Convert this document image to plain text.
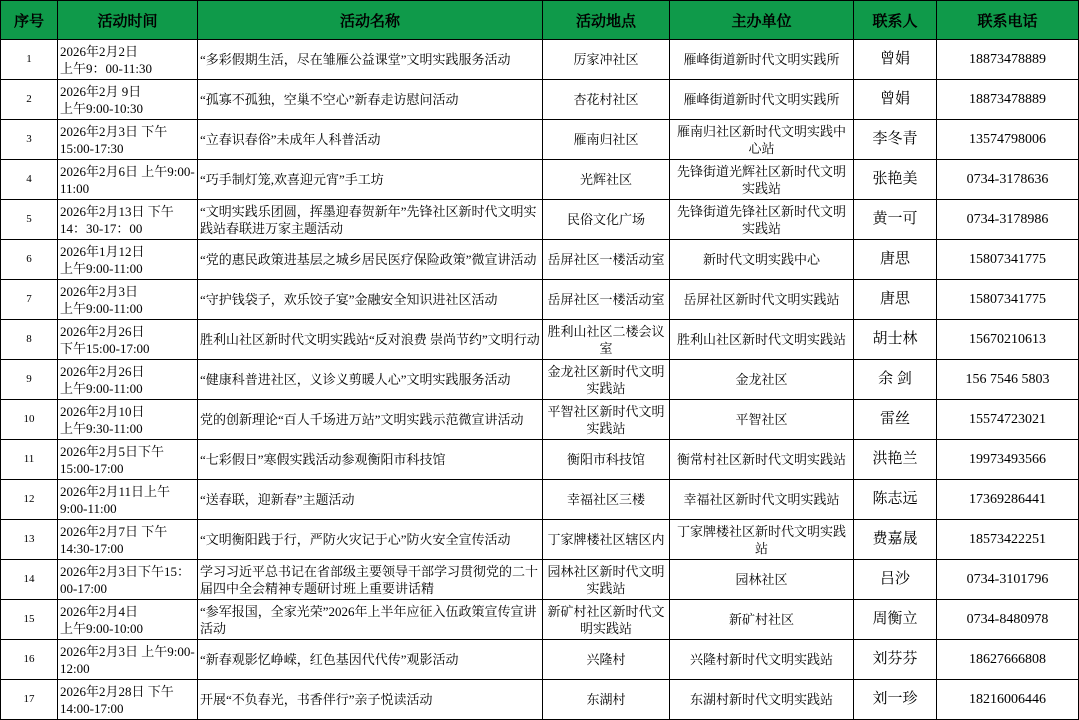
序号	活动时间	活动名称	活动地点	主办单位	联系人	联系电话
1	2026年2月2日
上午9：00-11:30	“多彩假期生活，尽在雏雁公益课堂”文明实践服务活动	厉家冲社区	雁峰街道新时代文明实践所	曾娟	18873478889
2	2026年2月 9日
上午9:00-10:30	“孤寡不孤独，空巢不空心”新春走访慰问活动	杏花村社区	雁峰街道新时代文明实践所	曾娟	18873478889
3	2026年2月3日 下午15:00-17:30	“立春识春俗”未成年人科普活动	雁南归社区	雁南归社区新时代文明实践中心站	李冬青	13574798006
4	2026年2月6日 上午9:00-11:00	“巧手制灯笼,欢喜迎元宵”手工坊	光辉社区	先锋街道光辉社区新时代文明实践站	张艳美	0734-3178636
5	2026年2月13日 下午14：30-17：00	“文明实践乐团圆，挥墨迎春贺新年”先锋社区新时代文明实践站春联进万家主题活动	民俗文化广场	先锋街道先锋社区新时代文明实践站	黄一可	0734-3178986
6	2026年1月12日
上午9:00-11:00	“党的惠民政策进基层之城乡居民医疗保险政策”微宣讲活动	岳屏社区一楼活动室	新时代文明实践中心	唐思	15807341775
7	2026年2月3日
上午9:00-11:00	“守护钱袋子，欢乐饺子宴”金融安全知识进社区活动	岳屏社区一楼活动室	岳屏社区新时代文明实践站	唐思	15807341775
8	2026年2月26日
下午15:00-17:00	胜利山社区新时代文明实践站“反对浪费 崇尚节约”文明行动	胜利山社区二楼会议室	胜利山社区新时代文明实践站	胡士林	15670210613
9	2026年2月26日
上午9:00-11:00	“健康科普进社区，义诊义剪暖人心”文明实践服务活动	金龙社区新时代文明实践站	金龙社区	余 剑	156 7546 5803
10	2026年2月10日
上午9:30-11:00	党的创新理论“百人千场进万站”文明实践示范微宣讲活动	平智社区新时代文明实践站	平智社区	雷丝	15574723021
11	2026年2月5日下午15:00-17:00	“七彩假日”寒假实践活动参观衡阳市科技馆	衡阳市科技馆	衡常村社区新时代文明实践站	洪艳兰	19973493566
12	2026年2月11日上午9:00-11:00	“送春联，迎新春”主题活动	幸福社区三楼	幸福社区新时代文明实践站	陈志远	17369286441
13	2026年2月7日 下午14:30-17:00	“文明衡阳践于行，严防火灾记于心”防火安全宣传活动	丁家牌楼社区辖区内	丁家牌楼社区新时代文明实践站	费嘉晟	18573422251
14	2026年2月3日下午15：00-17:00	学习习近平总书记在省部级主要领导干部学习贯彻党的二十届四中全会精神专题研讨班上重要讲话精	园林社区新时代文明实践站	园林社区	吕沙	0734-3101796
15	2026年2月4日
上午9:00-10:00	“参军报国，全家光荣”2026年上半年应征入伍政策宣传宣讲活动	新矿村社区新时代文明实践站	新矿村社区	周衡立	0734-8480978
16	2026年2月3日 上午9:00-12:00	“新春观影忆峥嵘，红色基因代代传”观影活动	兴隆村	兴隆村新时代文明实践站	刘芬芬	18627666808
17	2026年2月28日 下午14:00-17:00	开展“不负春光，书香伴行”亲子悦读活动	东湖村	东湖村新时代文明实践站	刘一珍	18216006446
